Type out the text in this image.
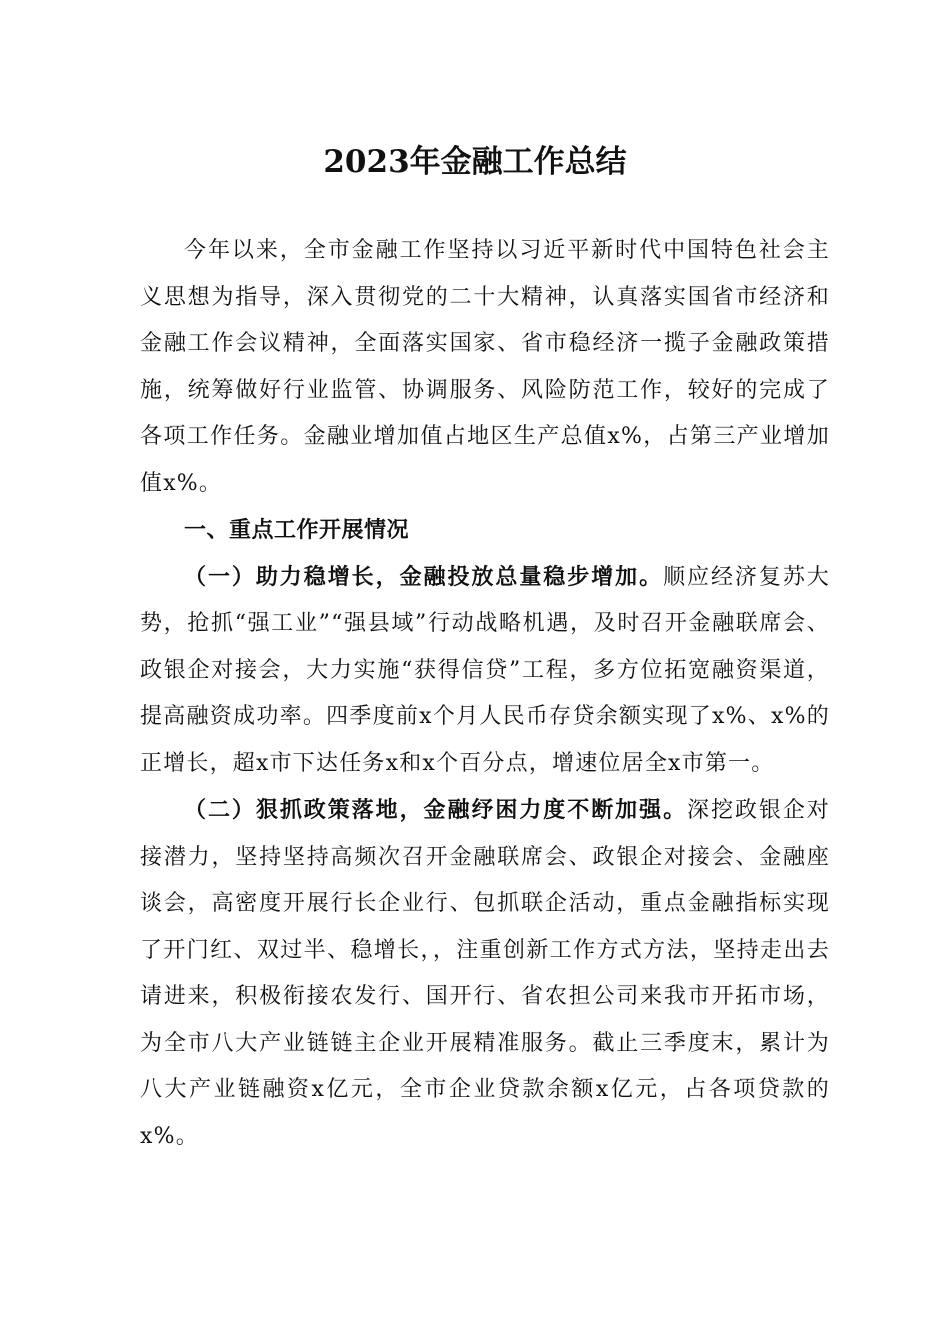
2023年金融工作总结

今年以来，全市金融工作坚持以习近平新时代中国特色社会主义思想为指导，深入贯彻党的二十大精神，认真落实国省市经济和金融工作会议精神，全面落实国家、省市稳经济一揽子金融政策措施，统筹做好行业监管、协调服务、风险防范工作，较好的完成了各项工作任务。金融业增加值占地区生产总值x%，占第三产业增加值x%。

一、重点工作开展情况

（一）助力稳增长，金融投放总量稳步增加。顺应经济复苏大势，抢抓“强工业”“强县域”行动战略机遇，及时召开金融联席会、政银企对接会，大力实施“获得信贷”工程，多方位拓宽融资渠道，提高融资成功率。四季度前x个月人民币存贷余额实现了x%、x%的正增长，超x市下达任务x和x个百分点，增速位居全x市第一。

（二）狠抓政策落地，金融纾困力度不断加强。深挖政银企对接潜力，坚持坚持高频次召开金融联席会、政银企对接会、金融座谈会，高密度开展行长企业行、包抓联企活动，重点金融指标实现了开门红、双过半、稳增长，，注重创新工作方式方法，坚持走出去请进来，积极衔接农发行、国开行、省农担公司来我市开拓市场，为全市八大产业链链主企业开展精准服务。截止三季度末，累计为八大产业链融资x亿元，全市企业贷款余额x亿元，占各项贷款的x%。
